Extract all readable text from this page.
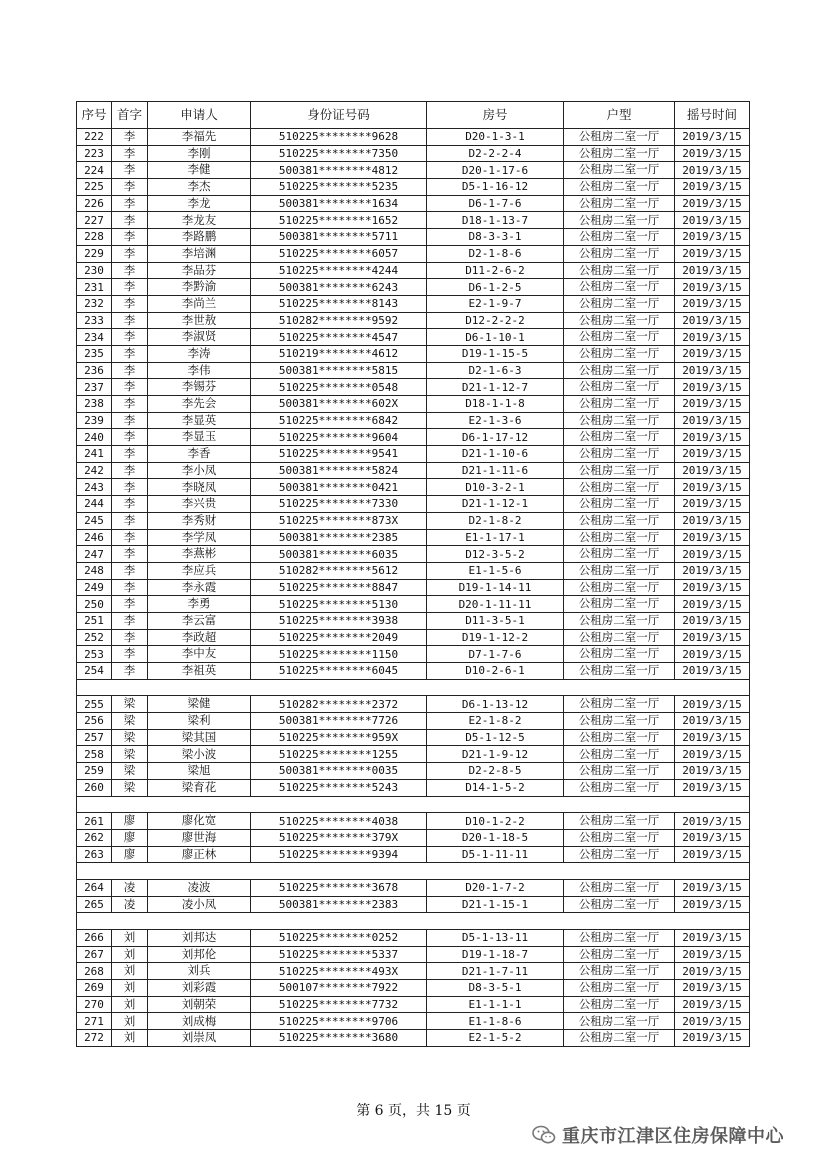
序号	首字	申请人	身份证号码	房号	户型	摇号时间
222	李	李福先	510225********9628	D20-1-3-1	公租房二室一厅	2019/3/15
223	李	李刚	510225********7350	D2-2-2-4	公租房二室一厅	2019/3/15
224	李	李健	500381********4812	D20-1-17-6	公租房二室一厅	2019/3/15
225	李	李杰	510225********5235	D5-1-16-12	公租房二室一厅	2019/3/15
226	李	李龙	500381********1634	D6-1-7-6	公租房二室一厅	2019/3/15
227	李	李龙友	510225********1652	D18-1-13-7	公租房二室一厅	2019/3/15
228	李	李路鹏	500381********5711	D8-3-3-1	公租房二室一厅	2019/3/15
229	李	李培渊	510225********6057	D2-1-8-6	公租房二室一厅	2019/3/15
230	李	李品芬	510225********4244	D11-2-6-2	公租房二室一厅	2019/3/15
231	李	李黔渝	500381********6243	D6-1-2-5	公租房二室一厅	2019/3/15
232	李	李尚兰	510225********8143	E2-1-9-7	公租房二室一厅	2019/3/15
233	李	李世敖	510282********9592	D12-2-2-2	公租房二室一厅	2019/3/15
234	李	李淑贤	510225********4547	D6-1-10-1	公租房二室一厅	2019/3/15
235	李	李涛	510219********4612	D19-1-15-5	公租房二室一厅	2019/3/15
236	李	李伟	500381********5815	D2-1-6-3	公租房二室一厅	2019/3/15
237	李	李锡芬	510225********0548	D21-1-12-7	公租房二室一厅	2019/3/15
238	李	李先会	500381********602X	D18-1-1-8	公租房二室一厅	2019/3/15
239	李	李显英	510225********6842	E2-1-3-6	公租房二室一厅	2019/3/15
240	李	李显玉	510225********9604	D6-1-17-12	公租房二室一厅	2019/3/15
241	李	李香	510225********9541	D21-1-10-6	公租房二室一厅	2019/3/15
242	李	李小凤	500381********5824	D21-1-11-6	公租房二室一厅	2019/3/15
243	李	李晓凤	500381********0421	D10-3-2-1	公租房二室一厅	2019/3/15
244	李	李兴贵	510225********7330	D21-1-12-1	公租房二室一厅	2019/3/15
245	李	李秀财	510225********873X	D2-1-8-2	公租房二室一厅	2019/3/15
246	李	李学凤	500381********2385	E1-1-17-1	公租房二室一厅	2019/3/15
247	李	李燕彬	500381********6035	D12-3-5-2	公租房二室一厅	2019/3/15
248	李	李应兵	510282********5612	E1-1-5-6	公租房二室一厅	2019/3/15
249	李	李永霞	510225********8847	D19-1-14-11	公租房二室一厅	2019/3/15
250	李	李勇	510225********5130	D20-1-11-11	公租房二室一厅	2019/3/15
251	李	李云富	510225********3938	D11-3-5-1	公租房二室一厅	2019/3/15
252	李	李政超	510225********2049	D19-1-12-2	公租房二室一厅	2019/3/15
253	李	李中友	510225********1150	D7-1-7-6	公租房二室一厅	2019/3/15
254	李	李祖英	510225********6045	D10-2-6-1	公租房二室一厅	2019/3/15

255	梁	梁健	510282********2372	D6-1-13-12	公租房二室一厅	2019/3/15
256	梁	梁利	500381********7726	E2-1-8-2	公租房二室一厅	2019/3/15
257	梁	梁其国	510225********959X	D5-1-12-5	公租房二室一厅	2019/3/15
258	梁	梁小波	510225********1255	D21-1-9-12	公租房二室一厅	2019/3/15
259	梁	梁旭	500381********0035	D2-2-8-5	公租房二室一厅	2019/3/15
260	梁	梁育花	510225********5243	D14-1-5-2	公租房二室一厅	2019/3/15

261	廖	廖化宽	510225********4038	D10-1-2-2	公租房二室一厅	2019/3/15
262	廖	廖世海	510225********379X	D20-1-18-5	公租房二室一厅	2019/3/15
263	廖	廖正林	510225********9394	D5-1-11-11	公租房二室一厅	2019/3/15

264	凌	凌波	510225********3678	D20-1-7-2	公租房二室一厅	2019/3/15
265	凌	凌小凤	500381********2383	D21-1-15-1	公租房二室一厅	2019/3/15

266	刘	刘邦达	510225********0252	D5-1-13-11	公租房二室一厅	2019/3/15
267	刘	刘邦伦	510225********5337	D19-1-18-7	公租房二室一厅	2019/3/15
268	刘	刘兵	510225********493X	D21-1-7-11	公租房二室一厅	2019/3/15
269	刘	刘彩霞	500107********7922	D8-3-5-1	公租房二室一厅	2019/3/15
270	刘	刘朝荣	510225********7732	E1-1-1-1	公租房二室一厅	2019/3/15
271	刘	刘成梅	510225********9706	E1-1-8-6	公租房二室一厅	2019/3/15
272	刘	刘崇凤	510225********3680	E2-1-5-2	公租房二室一厅	2019/3/15
第 6 页，共 15 页
重庆市江津区住房保障中心
